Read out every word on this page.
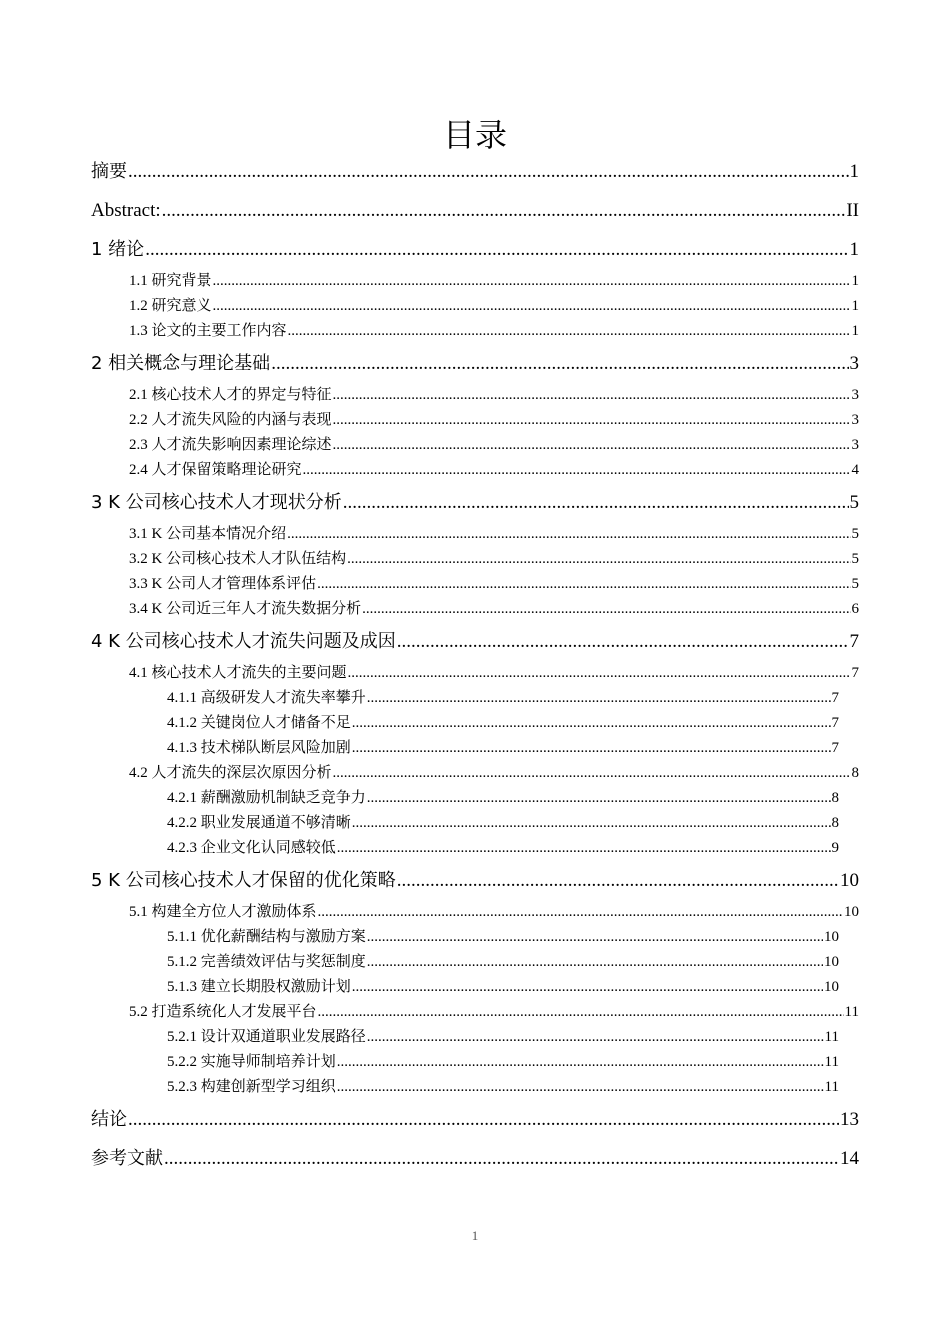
目录
摘要 .....	1
Abstract: .....	II
1 绪论 .....	1
1.1 研究背景 .....	1
1.2 研究意义 .....	1
1.3 论文的主要工作内容 .....	1
2 相关概念与理论基础 .....	3
2.1 核心技术人才的界定与特征 .....	3
2.2 人才流失风险的内涵与表现 .....	3
2.3 人才流失影响因素理论综述 .....	3
2.4 人才保留策略理论研究 .....	4
3 K 公司核心技术人才现状分析 .....	5
3.1 K 公司基本情况介绍 .....	5
3.2 K 公司核心技术人才队伍结构 .....	5
3.3 K 公司人才管理体系评估 .....	5
3.4 K 公司近三年人才流失数据分析 .....	6
4 K 公司核心技术人才流失问题及成因 .....	7
4.1 核心技术人才流失的主要问题 .....	7
4.1.1 高级研发人才流失率攀升 .....	7
4.1.2 关键岗位人才储备不足 .....	7
4.1.3 技术梯队断层风险加剧 .....	7
4.2 人才流失的深层次原因分析 .....	8
4.2.1 薪酬激励机制缺乏竞争力 .....	8
4.2.2 职业发展通道不够清晰 .....	8
4.2.3 企业文化认同感较低 .....	9
5 K 公司核心技术人才保留的优化策略 .....	10
5.1 构建全方位人才激励体系 .....	10
5.1.1 优化薪酬结构与激励方案 .....	10
5.1.2 完善绩效评估与奖惩制度 .....	10
5.1.3 建立长期股权激励计划 .....	10
5.2 打造系统化人才发展平台 .....	11
5.2.1 设计双通道职业发展路径 .....	11
5.2.2 实施导师制培养计划 .....	11
5.2.3 构建创新型学习组织 .....	11
结论 .....	13
参考文献 .....	14
1
